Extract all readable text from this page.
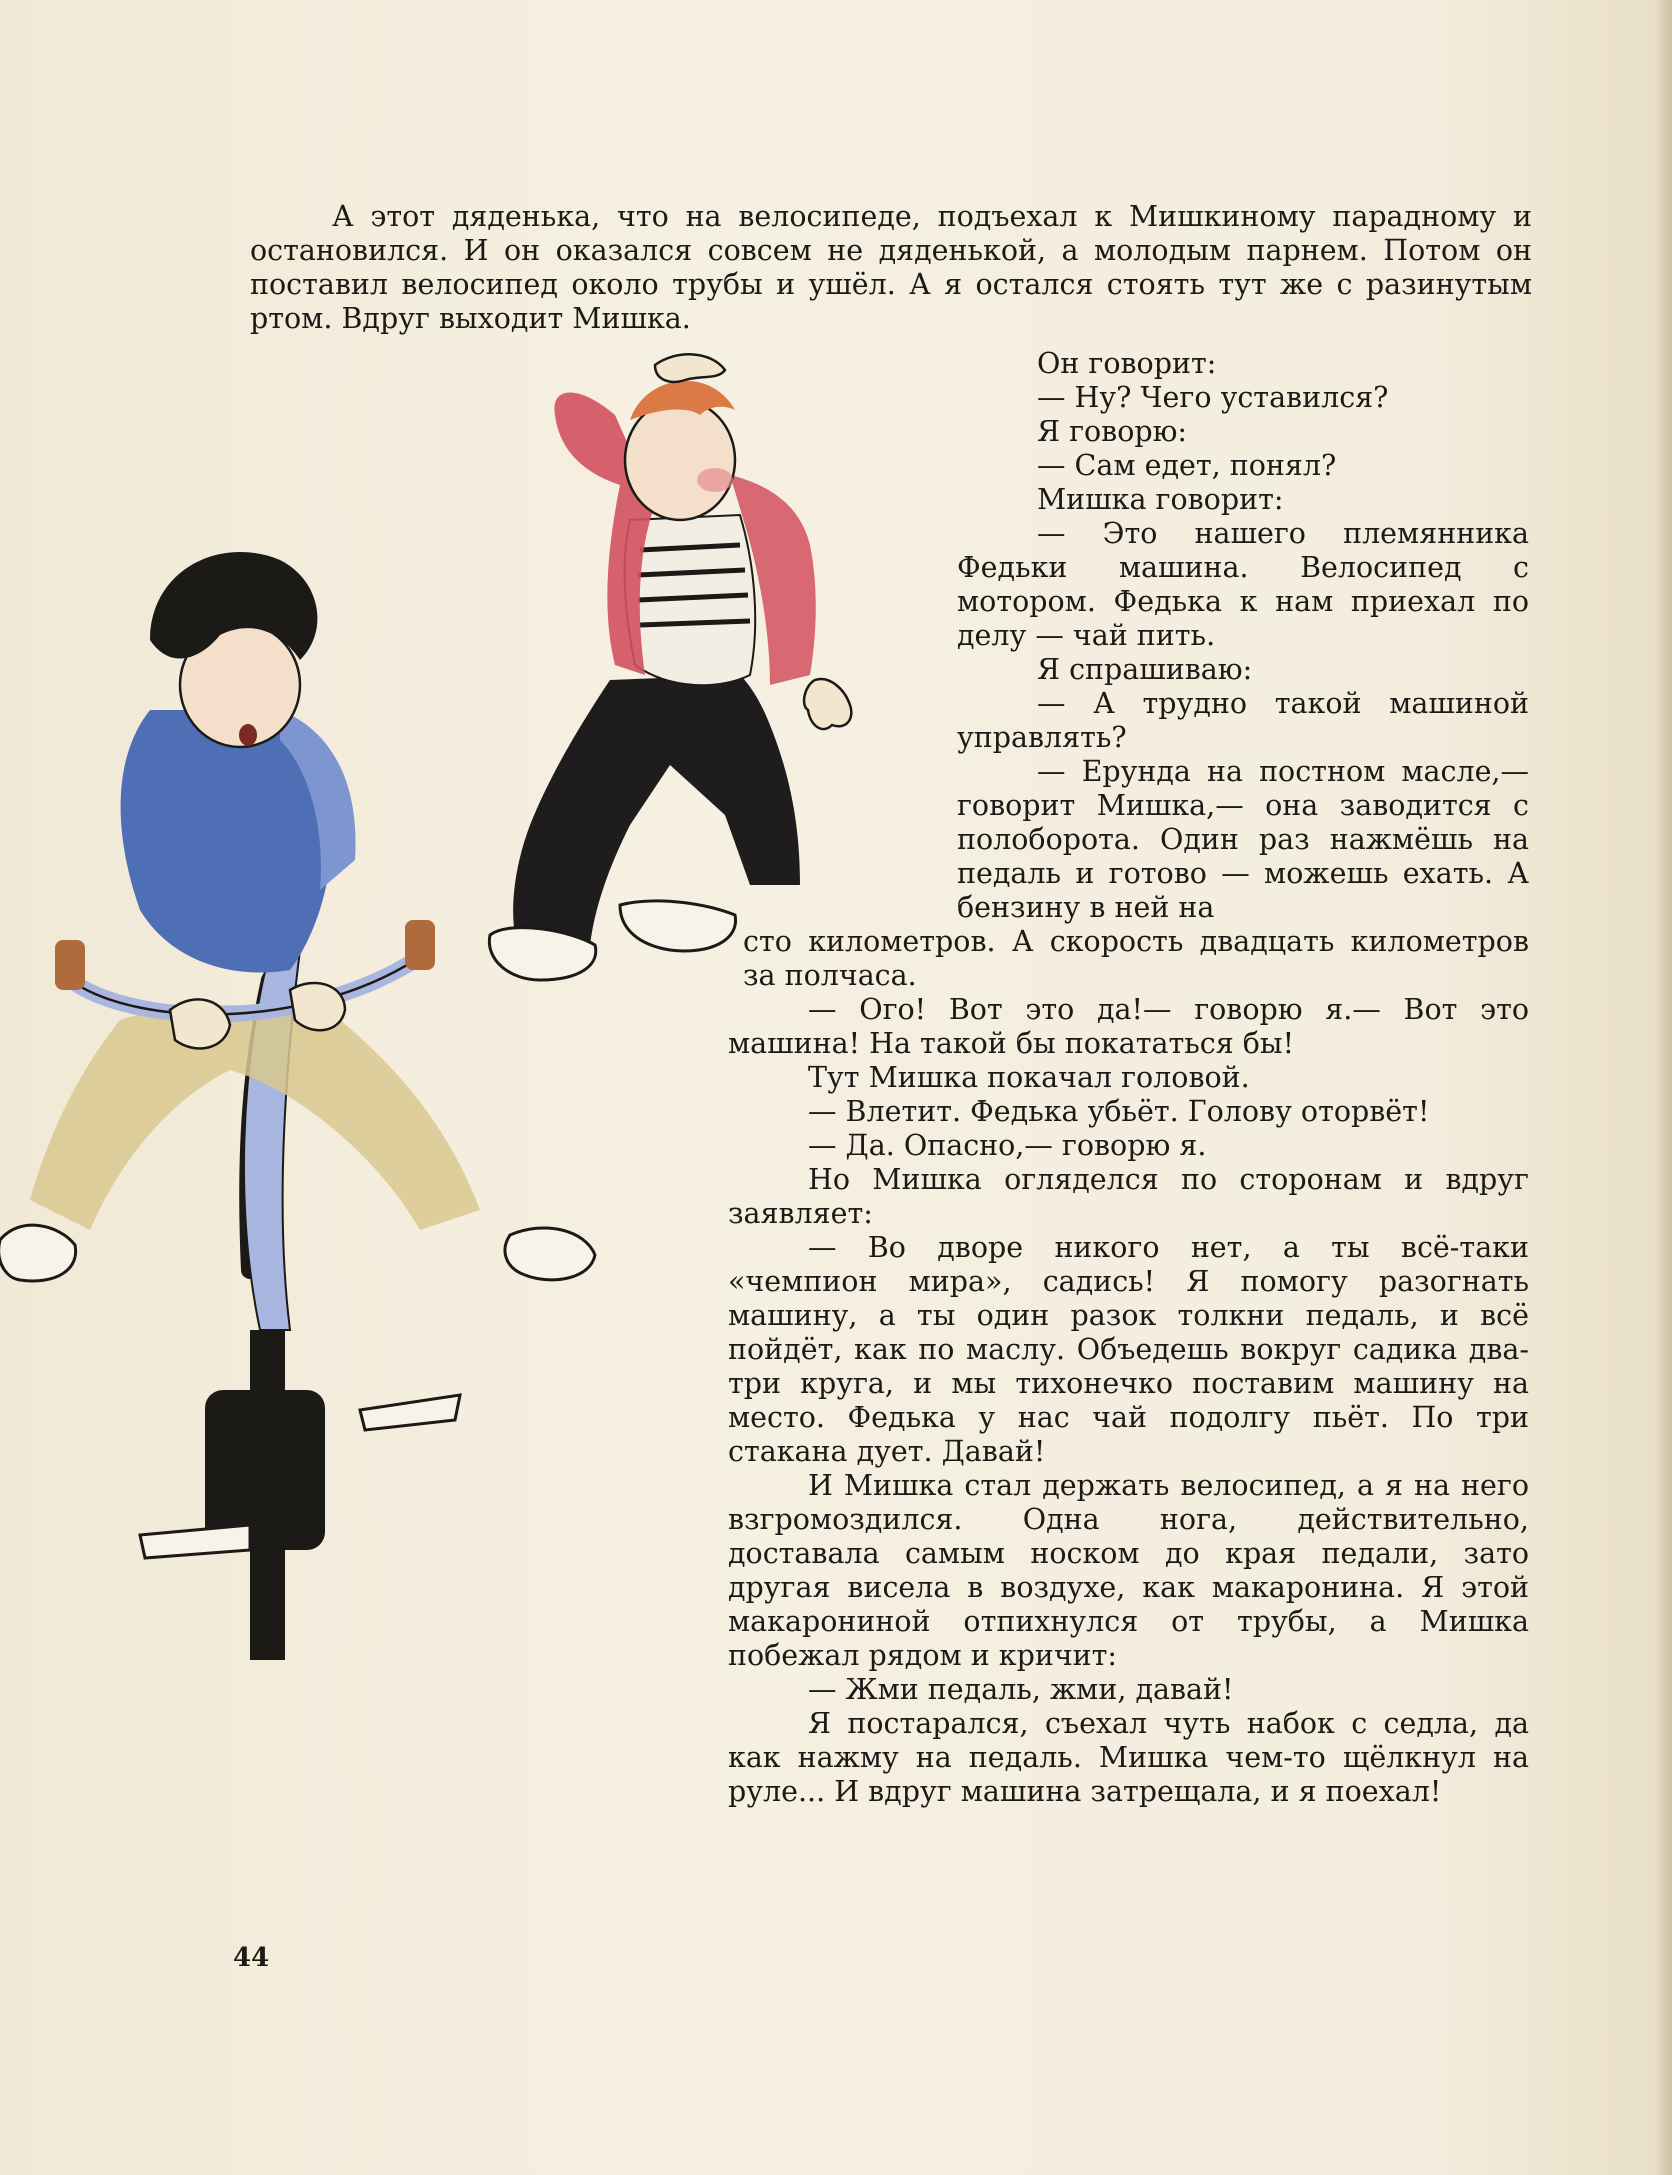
А этот дяденька, что на велосипеде, подъехал к Мишкиному парадному и остановился. И он оказался совсем не дяденькой, а молодым парнем. Потом он поставил велосипед около трубы и ушёл. А я остался стоять тут же с разинутым ртом. Вдруг выходит Мишка.

Он говорит:

— Ну? Чего уставился?

Я говорю:

— Сам едет, понял?

Мишка говорит:

— Это нашего племянника Федьки машина. Велосипед с мотором. Федька к нам приехал по делу — чай пить.

Я спрашиваю:

— А трудно такой машиной управлять?

— Ерунда на постном масле,— говорит Мишка,— она заводится с полоборота. Один раз нажмёшь на педаль и готово — можешь ехать. А бензину в ней на

сто километров. А скорость двадцать километров за полчаса.

— Ого! Вот это да!— говорю я.— Вот это машина! На такой бы покататься бы!

Тут Мишка покачал головой.

— Влетит. Федька убьёт. Голову оторвёт!

— Да. Опасно,— говорю я.

Но Мишка огляделся по сторонам и вдруг заявляет:

— Во дворе никого нет, а ты всё-таки «чемпион мира», садись! Я помогу разогнать машину, а ты один разок толкни педаль, и всё пойдёт, как по маслу. Объедешь вокруг садика два-три круга, и мы тихонечко поставим машину на место. Федька у нас чай подолгу пьёт. По три стакана дует. Давай!

И Мишка стал держать велосипед, а я на него взгромоздился. Одна нога, действительно, доставала самым носком до края педали, зато другая висела в воздухе, как макаронина. Я этой макарониной отпихнулся от трубы, а Мишка побежал рядом и кричит:

— Жми педаль, жми, давай!

Я постарался, съехал чуть набок с седла, да как нажму на педаль. Мишка чем-то щёлкнул на руле... И вдруг машина затрещала, и я поехал!

44
